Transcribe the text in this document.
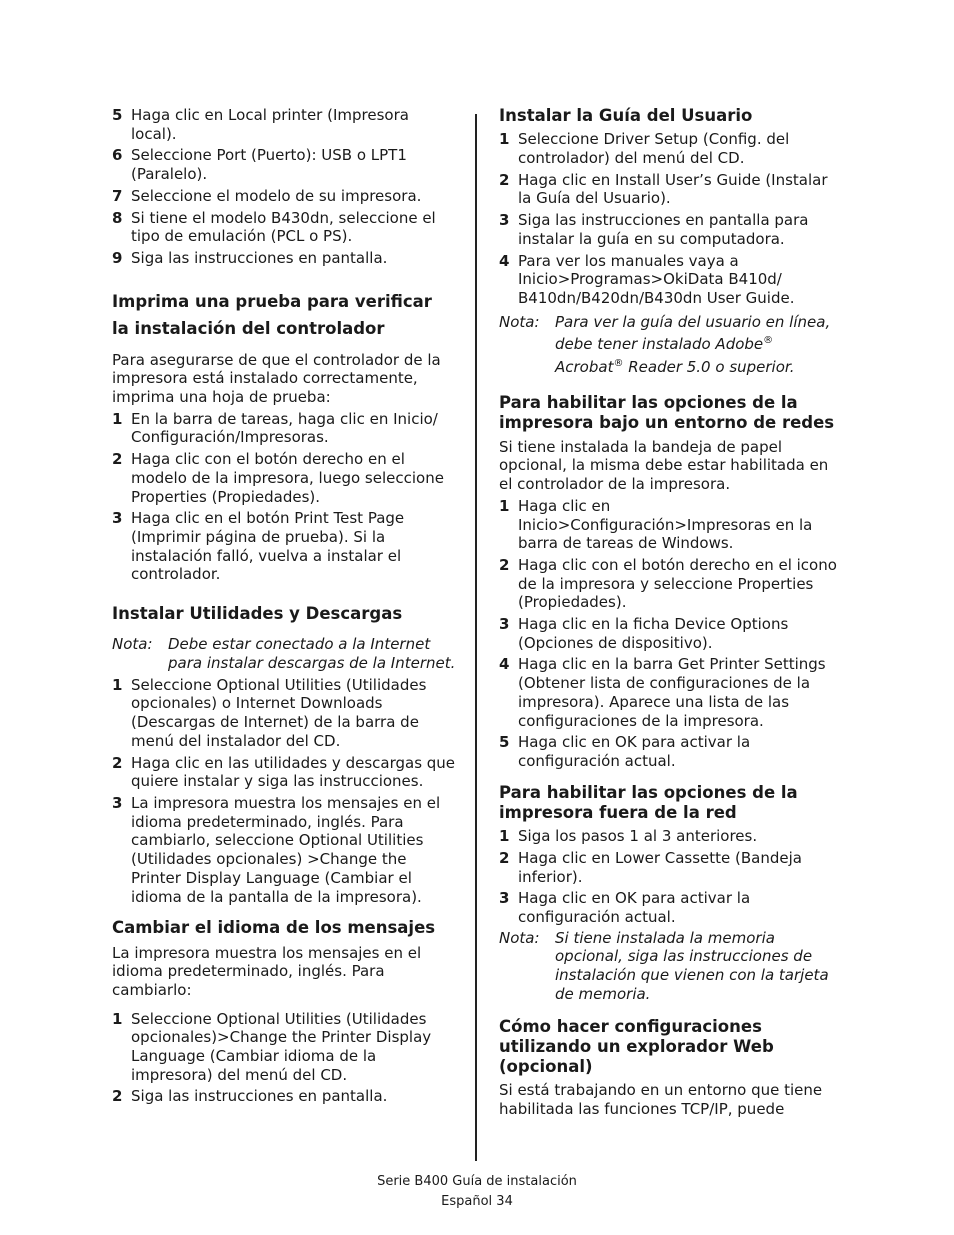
5 Haga clic en Local printer (Impresora local).
6 Seleccione Port (Puerto): USB o LPT1 (Paralelo).
7 Seleccione el modelo de su impresora.
8 Si tiene el modelo B430dn, seleccione el tipo de emulación (PCL o PS).
9 Siga las instrucciones en pantalla.
Imprima una prueba para verificar
la instalación del controlador

Para asegurarse de que el controlador de la impresora está instalado correctamente, imprima una hoja de prueba:

1 En la barra de tareas, haga clic en Inicio/ Configuración/Impresoras.
2 Haga clic con el botón derecho en el modelo de la impresora, luego seleccione Properties (Propiedades).
3 Haga clic en el botón Print Test Page (Imprimir página de prueba). Si la instalación falló, vuelva a instalar el controlador.
Instalar Utilidades y Descargas
Nota:	Debe estar conectado a la Internet para instalar descargas de la Internet.
1 Seleccione Optional Utilities (Utilidades opcionales) o Internet Downloads (Descargas de Internet) de la barra de menú del instalador del CD.
2 Haga clic en las utilidades y descargas que quiere instalar y siga las instrucciones.
3 La impresora muestra los mensajes en el idioma predeterminado, inglés. Para cambiarlo, seleccione Optional Utilities (Utilidades opcionales) >Change the Printer Display Language (Cambiar el idioma de la pantalla de la impresora).
Cambiar el idioma de los mensajes

La impresora muestra los mensajes en el idioma predeterminado, inglés. Para cambiarlo:

1 Seleccione Optional Utilities (Utilidades opcionales)>Change the Printer Display Language (Cambiar idioma de la impresora) del menú del CD.
2 Siga las instrucciones en pantalla.
Instalar la Guía del Usuario
1 Seleccione Driver Setup (Config. del controlador) del menú del CD.
2 Haga clic en Install User’s Guide (Instalar la Guía del Usuario).
3 Siga las instrucciones en pantalla para instalar la guía en su computadora.
4 Para ver los manuales vaya a Inicio>Programas>OkiData B410d/ B410dn/B420dn/B430dn User Guide.
Nota:	Para ver la guía del usuario en línea, debe tener instalado Adobe® Acrobat® Reader 5.0 o superior.
Para habilitar las opciones de la impresora bajo un entorno de redes

Si tiene instalada la bandeja de papel opcional, la misma debe estar habilitada en el controlador de la impresora.

1 Haga clic en Inicio>Configuración>Impresoras en la barra de tareas de Windows.
2 Haga clic con el botón derecho en el icono de la impresora y seleccione Properties (Propiedades).
3 Haga clic en la ficha Device Options (Opciones de dispositivo).
4 Haga clic en la barra Get Printer Settings (Obtener lista de configuraciones de la impresora). Aparece una lista de las configuraciones de la impresora.
5 Haga clic en OK para activar la configuración actual.
Para habilitar las opciones de la impresora fuera de la red
1 Siga los pasos 1 al 3 anteriores.
2 Haga clic en Lower Cassette (Bandeja inferior).
3 Haga clic en OK para activar la configuración actual.
Nota:	Si tiene instalada la memoria opcional, siga las instrucciones de instalación que vienen con la tarjeta de memoria.
Cómo hacer configuraciones utilizando un explorador Web (opcional)

Si está trabajando en un entorno que tiene habilitada las funciones TCP/IP, puede

Serie B400 Guía de instalación
Español 34
